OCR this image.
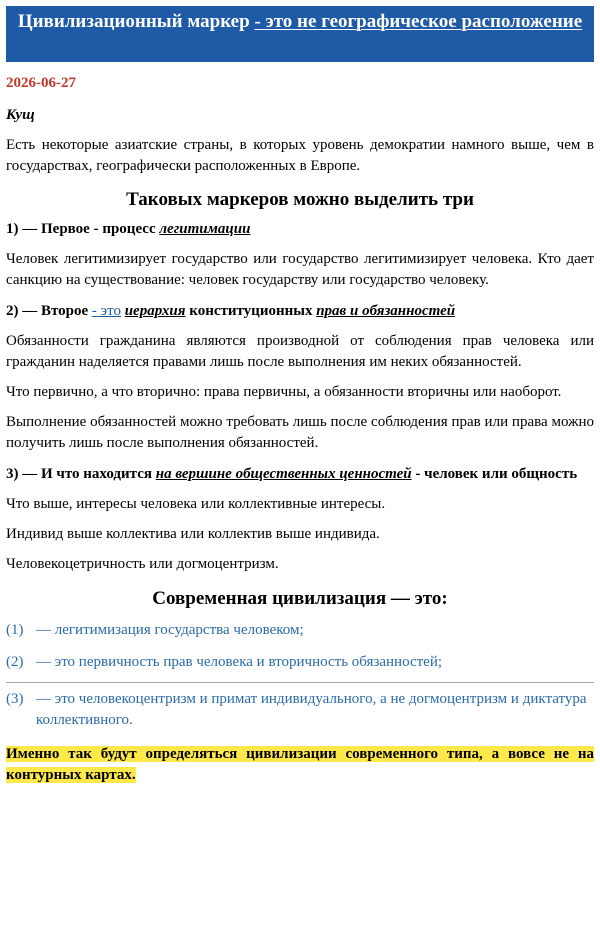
Цивилизационный маркер - это не географическое расположение

2026-06-27

Кущ

Есть некоторые азиатские страны, в которых уровень демократии намного выше, чем в государствах, географически расположенных в Европе.

Таковых маркеров можно выделить три

1) — Первое - процесс легитимации

Человек легитимизирует государство или государство легитимизирует человека. Кто дает санкцию на существование: человек государству или государство человеку.

2) — Второе - это иерархия конституционных прав и обязанностей

Обязанности гражданина являются производной от соблюдения прав человека или гражданин наделяется правами лишь после выполнения им неких обязанностей.

Что первично, а что вторично: права первичны, а обязанности вторичны или наоборот.

Выполнение обязанностей можно требовать лишь после соблюдения прав или права можно получить лишь после выполнения обязанностей.

3) — И что находится на вершине общественных ценностей - человек или общность

Что выше, интересы человека или коллективные интересы.

Индивид выше коллектива или коллектив выше индивида.

Человекоцетричность или догмоцентризм.

Современная цивилизация — это:
(1) — легитимизация государства человеком;
(2) — это первичность прав человека и вторичность обязанностей;
(3) — это человекоцентризм и примат индивидуального, а не догмоцентризм и диктатура коллективного.
Именно так будут определяться цивилизации современного типа, а вовсе не на контурных картах.
